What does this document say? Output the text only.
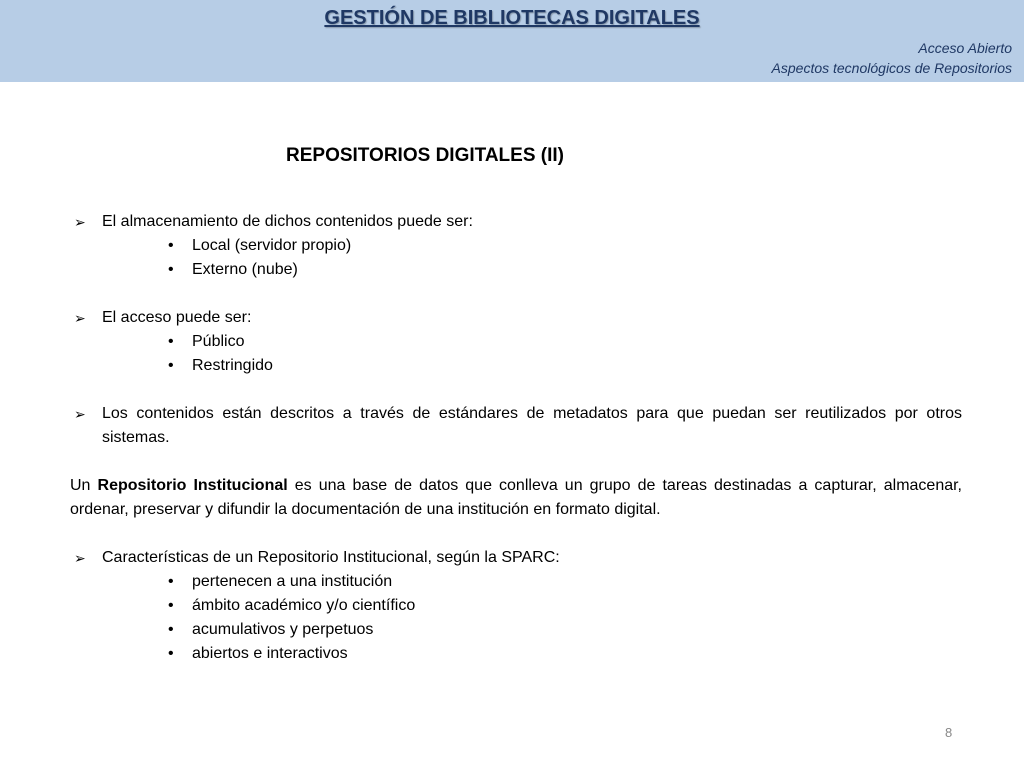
GESTIÓN DE BIBLIOTECAS DIGITALES
Acceso Abierto
Aspectos tecnológicos de Repositorios
REPOSITORIOS DIGITALES (II)
➢ El almacenamiento de dichos contenidos puede ser:
• Local (servidor propio)
• Externo (nube)
➢ El acceso puede ser:
• Público
• Restringido
➢ Los contenidos están descritos a través de estándares de metadatos para que puedan ser reutilizados por otros sistemas.
Un Repositorio Institucional es una base de datos que conlleva un grupo de tareas destinadas a capturar, almacenar, ordenar, preservar y difundir la documentación de una institución en formato digital.
➢ Características de un Repositorio Institucional, según la SPARC:
• pertenecen a una institución
• ámbito académico y/o científico
• acumulativos y perpetuos
• abiertos e interactivos
8
